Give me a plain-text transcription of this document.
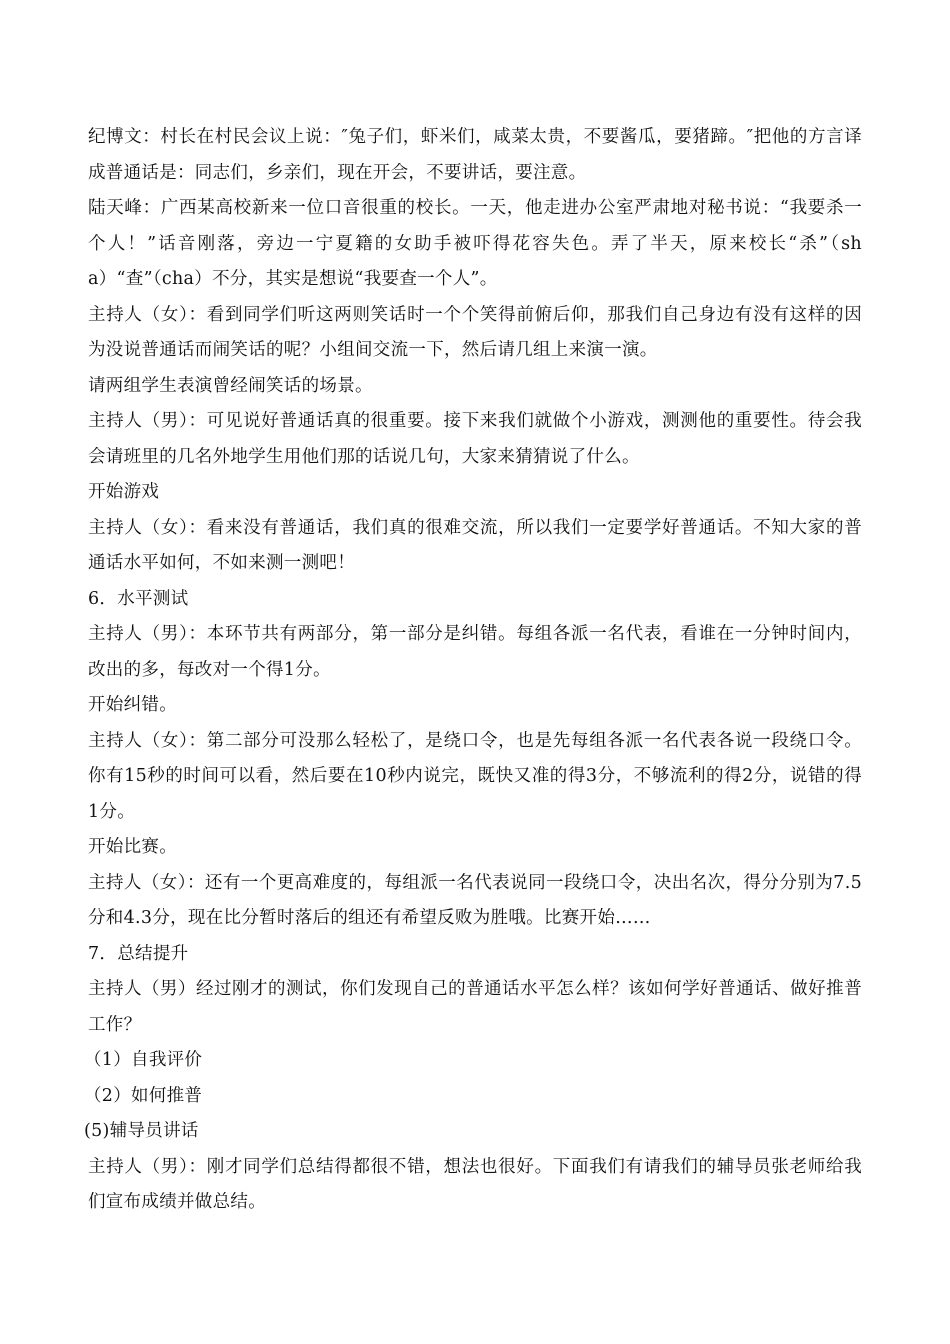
纪博文：村长在村民会议上说：″兔子们，虾米们，咸菜太贵，不要酱瓜，要猪蹄。″把他的方言译成普通话是：同志们，乡亲们，现在开会，不要讲话，要注意。

陆天峰：广西某高校新来一位口音很重的校长。一天，他走进办公室严肃地对秘书说：“我要杀一个人！”话音刚落，旁边一宁夏籍的女助手被吓得花容失色。弄了半天，原来校长“杀”（sha）“查”（cha）不分，其实是想说“我要查一个人”。

主持人（女）：看到同学们听这两则笑话时一个个笑得前俯后仰，那我们自己身边有没有这样的因为没说普通话而闹笑话的呢？小组间交流一下，然后请几组上来演一演。

请两组学生表演曾经闹笑话的场景。

主持人（男）：可见说好普通话真的很重要。接下来我们就做个小游戏，测测他的重要性。待会我会请班里的几名外地学生用他们那的话说几句，大家来猜猜说了什么。

开始游戏

主持人（女）：看来没有普通话，我们真的很难交流，所以我们一定要学好普通话。不知大家的普通话水平如何，不如来测一测吧！

6．水平测试

主持人（男）：本环节共有两部分，第一部分是纠错。每组各派一名代表，看谁在一分钟时间内，改出的多，每改对一个得1分。

开始纠错。

主持人（女）：第二部分可没那么轻松了，是绕口令，也是先每组各派一名代表各说一段绕口令。你有15秒的时间可以看，然后要在10秒内说完，既快又准的得3分，不够流利的得2分，说错的得1分。

开始比赛。

主持人（女）：还有一个更高难度的，每组派一名代表说同一段绕口令，决出名次，得分分别为7.5分和4.3分，现在比分暂时落后的组还有希望反败为胜哦。比赛开始……

7．总结提升

主持人（男）经过刚才的测试，你们发现自己的普通话水平怎么样？该如何学好普通话、做好推普工作？

（1）自我评价

（2）如何推普

(5)辅导员讲话

主持人（男）：刚才同学们总结得都很不错，想法也很好。下面我们有请我们的辅导员张老师给我们宣布成绩并做总结。
